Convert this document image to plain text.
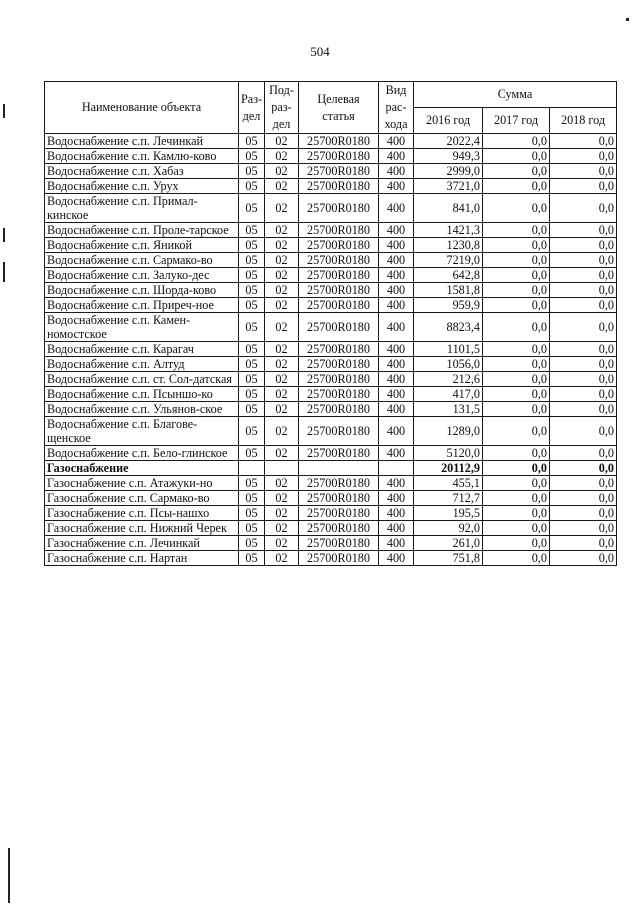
504
Наименование объекта	Раз-дел	Под-раз-дел	Целевая статья	Вид рас-хода	Сумма		
					2016 год	2017 год	2018 год
Водоснабжение с.п. Лечинкай	05	02	25700R0180	400	2022,4	0,0	0,0
Водоснабжение с.п. Камлю-ково	05	02	25700R0180	400	949,3	0,0	0,0
Водоснабжение с.п. Хабаз	05	02	25700R0180	400	2999,0	0,0	0,0
Водоснабжение с.п. Урух	05	02	25700R0180	400	3721,0	0,0	0,0
Водоснабжение с.п. Примал-кинское	05	02	25700R0180	400	841,0	0,0	0,0
Водоснабжение с.п. Проле-тарское	05	02	25700R0180	400	1421,3	0,0	0,0
Водоснабжение с.п. Яникой	05	02	25700R0180	400	1230,8	0,0	0,0
Водоснабжение с.п. Сармако-во	05	02	25700R0180	400	7219,0	0,0	0,0
Водоснабжение с.п. Залуко-дес	05	02	25700R0180	400	642,8	0,0	0,0
Водоснабжение с.п. Шорда-ково	05	02	25700R0180	400	1581,8	0,0	0,0
Водоснабжение с.п. Приреч-ное	05	02	25700R0180	400	959,9	0,0	0,0
Водоснабжение с.п. Камен-номостское	05	02	25700R0180	400	8823,4	0,0	0,0
Водоснабжение с.п. Карагач	05	02	25700R0180	400	1101,5	0,0	0,0
Водоснабжение с.п. Алтуд	05	02	25700R0180	400	1056,0	0,0	0,0
Водоснабжение с.п. ст. Сол-датская	05	02	25700R0180	400	212,6	0,0	0,0
Водоснабжение с.п. Псыншо-ко	05	02	25700R0180	400	417,0	0,0	0,0
Водоснабжение с.п. Ульянов-ское	05	02	25700R0180	400	131,5	0,0	0,0
Водоснабжение с.п. Благове-щенское	05	02	25700R0180	400	1289,0	0,0	0,0
Водоснабжение с.п. Бело-глинское	05	02	25700R0180	400	5120,0	0,0	0,0
Газоснабжение					20112,9	0,0	0,0
Газоснабжение с.п. Атажуки-но	05	02	25700R0180	400	455,1	0,0	0,0
Газоснабжение с.п. Сармако-во	05	02	25700R0180	400	712,7	0,0	0,0
Газоснабжение с.п. Псы-нашхо	05	02	25700R0180	400	195,5	0,0	0,0
Газоснабжение с.п. Нижний Черек	05	02	25700R0180	400	92,0	0,0	0,0
Газоснабжение с.п. Лечинкай	05	02	25700R0180	400	261,0	0,0	0,0
Газоснабжение с.п. Нартан	05	02	25700R0180	400	751,8	0,0	0,0
